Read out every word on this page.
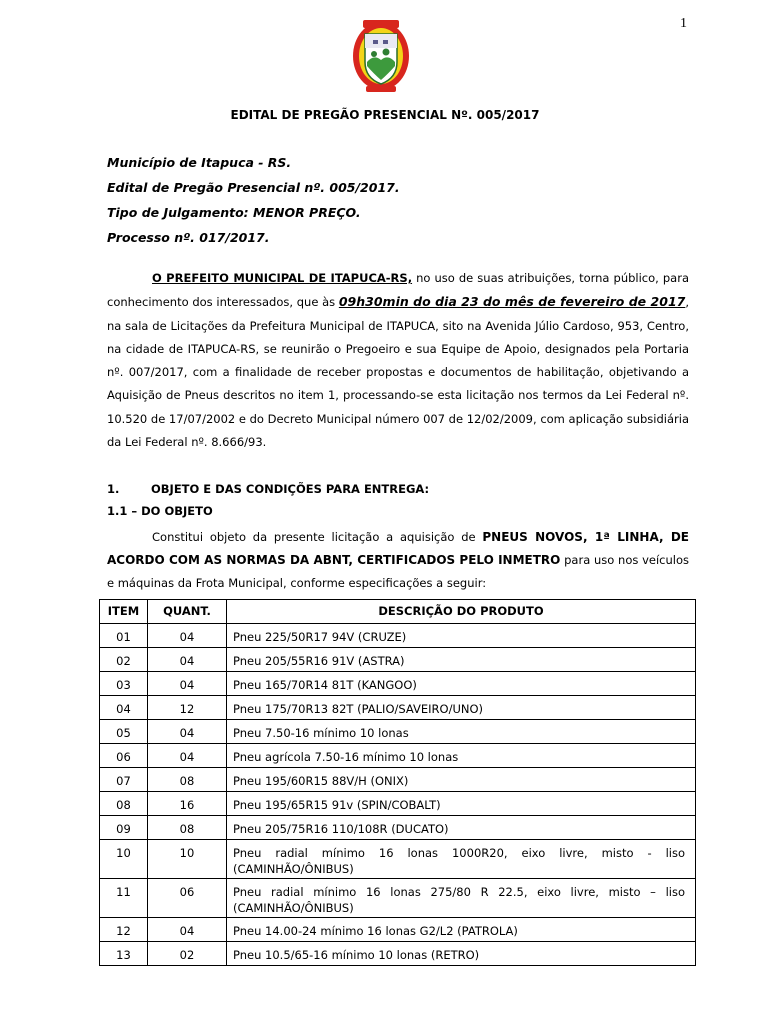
1
EDITAL DE PREGÃO PRESENCIAL Nº. 005/2017
Município de Itapuca - RS.
Edital de Pregão Presencial nº. 005/2017.
Tipo de Julgamento: MENOR PREÇO.
Processo nº. 017/2017.

O PREFEITO MUNICIPAL DE ITAPUCA-RS, no uso de suas atribuições, torna público, para conhecimento dos interessados, que às 09h30min do dia 23 do mês de fevereiro de 2017, na sala de Licitações da Prefeitura Municipal de ITAPUCA, sito na Avenida Júlio Cardoso, 953, Centro, na cidade de ITAPUCA-RS, se reunirão o Pregoeiro e sua Equipe de Apoio, designados pela Portaria nº. 007/2017, com a finalidade de receber propostas e documentos de habilitação, objetivando a Aquisição de Pneus descritos no item 1, processando-se esta licitação nos termos da Lei Federal nº. 10.520 de 17/07/2002 e do Decreto Municipal número 007 de 12/02/2009, com aplicação subsidiária da Lei Federal nº. 8.666/93.

1.	OBJETO E DAS CONDIÇÕES PARA ENTREGA:
1.1 – DO OBJETO

Constitui objeto da presente licitação a aquisição de PNEUS NOVOS, 1ª LINHA, DE ACORDO COM AS NORMAS DA ABNT, CERTIFICADOS PELO INMETRO para uso nos veículos e máquinas da Frota Municipal, conforme especificações a seguir:

ITEM	QUANT.	DESCRIÇÃO DO PRODUTO
01	04	Pneu 225/50R17 94V (CRUZE)
02	04	Pneu 205/55R16 91V (ASTRA)
03	04	Pneu 165/70R14 81T (KANGOO)
04	12	Pneu 175/70R13 82T (PALIO/SAVEIRO/UNO)
05	04	Pneu 7.50-16 mínimo 10 lonas
06	04	Pneu agrícola 7.50-16 mínimo 10 lonas
07	08	Pneu 195/60R15 88V/H (ONIX)
08	16	Pneu 195/65R15 91v (SPIN/COBALT)
09	08	Pneu 205/75R16 110/108R (DUCATO)
10	10	Pneu radial mínimo 16 lonas 1000R20, eixo livre, misto - liso
(CAMINHÃO/ÔNIBUS)

11	06	Pneu radial mínimo 16 lonas 275/80 R 22.5, eixo livre, misto – liso
(CAMINHÃO/ÔNIBUS)

12	04	Pneu 14.00-24 mínimo 16 lonas G2/L2 (PATROLA)
13	02	Pneu 10.5/65-16 mínimo 10 lonas (RETRO)
